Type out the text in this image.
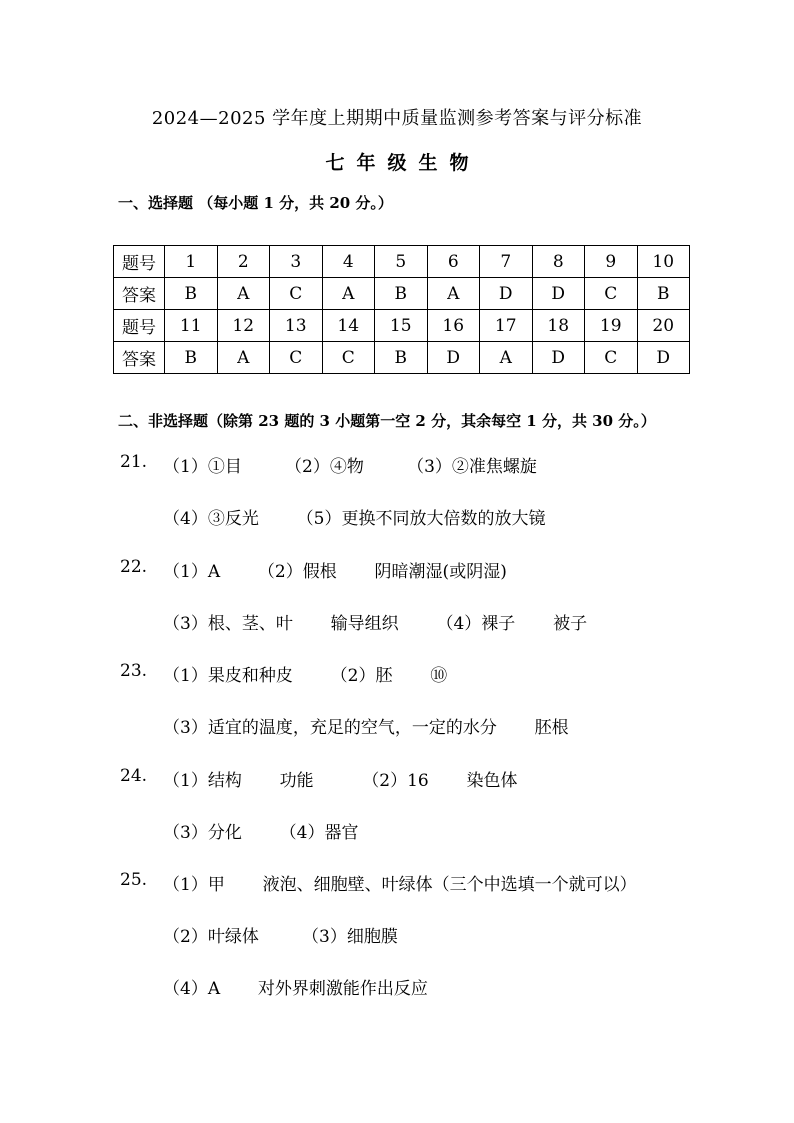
2024—2025 学年度上期期中质量监测参考答案与评分标准
七年级生物
一、选择题 （每小题 1 分，共 20 分。）
题号	1	2	3	4	5	6	7	8	9	10
答案	B	A	C	A	B	A	D	D	C	B
题号	11	12	13	14	15	16	17	18	19	20
答案	B	A	C	C	B	D	A	D	C	D
二、非选择题（除第 23 题的 3 小题第一空 2 分，其余每空 1 分，共 30 分。）
21. （1）①目        （2）④物        （3）②准焦螺旋
（4）③反光       （5）更换不同放大倍数的放大镜
22. （1）A       （2）假根       阴暗潮湿(或阴湿)
（3）根、茎、叶       输导组织       （4）裸子       被子
23. （1）果皮和种皮       （2）胚       ⑩
（3）适宜的温度，充足的空气，一定的水分       胚根
24. （1）结构       功能         （2）16       染色体
（3）分化       （4）器官
25. （1）甲       液泡、细胞壁、叶绿体（三个中选填一个就可以）
（2）叶绿体        （3）细胞膜
（4）A       对外界刺激能作出反应
